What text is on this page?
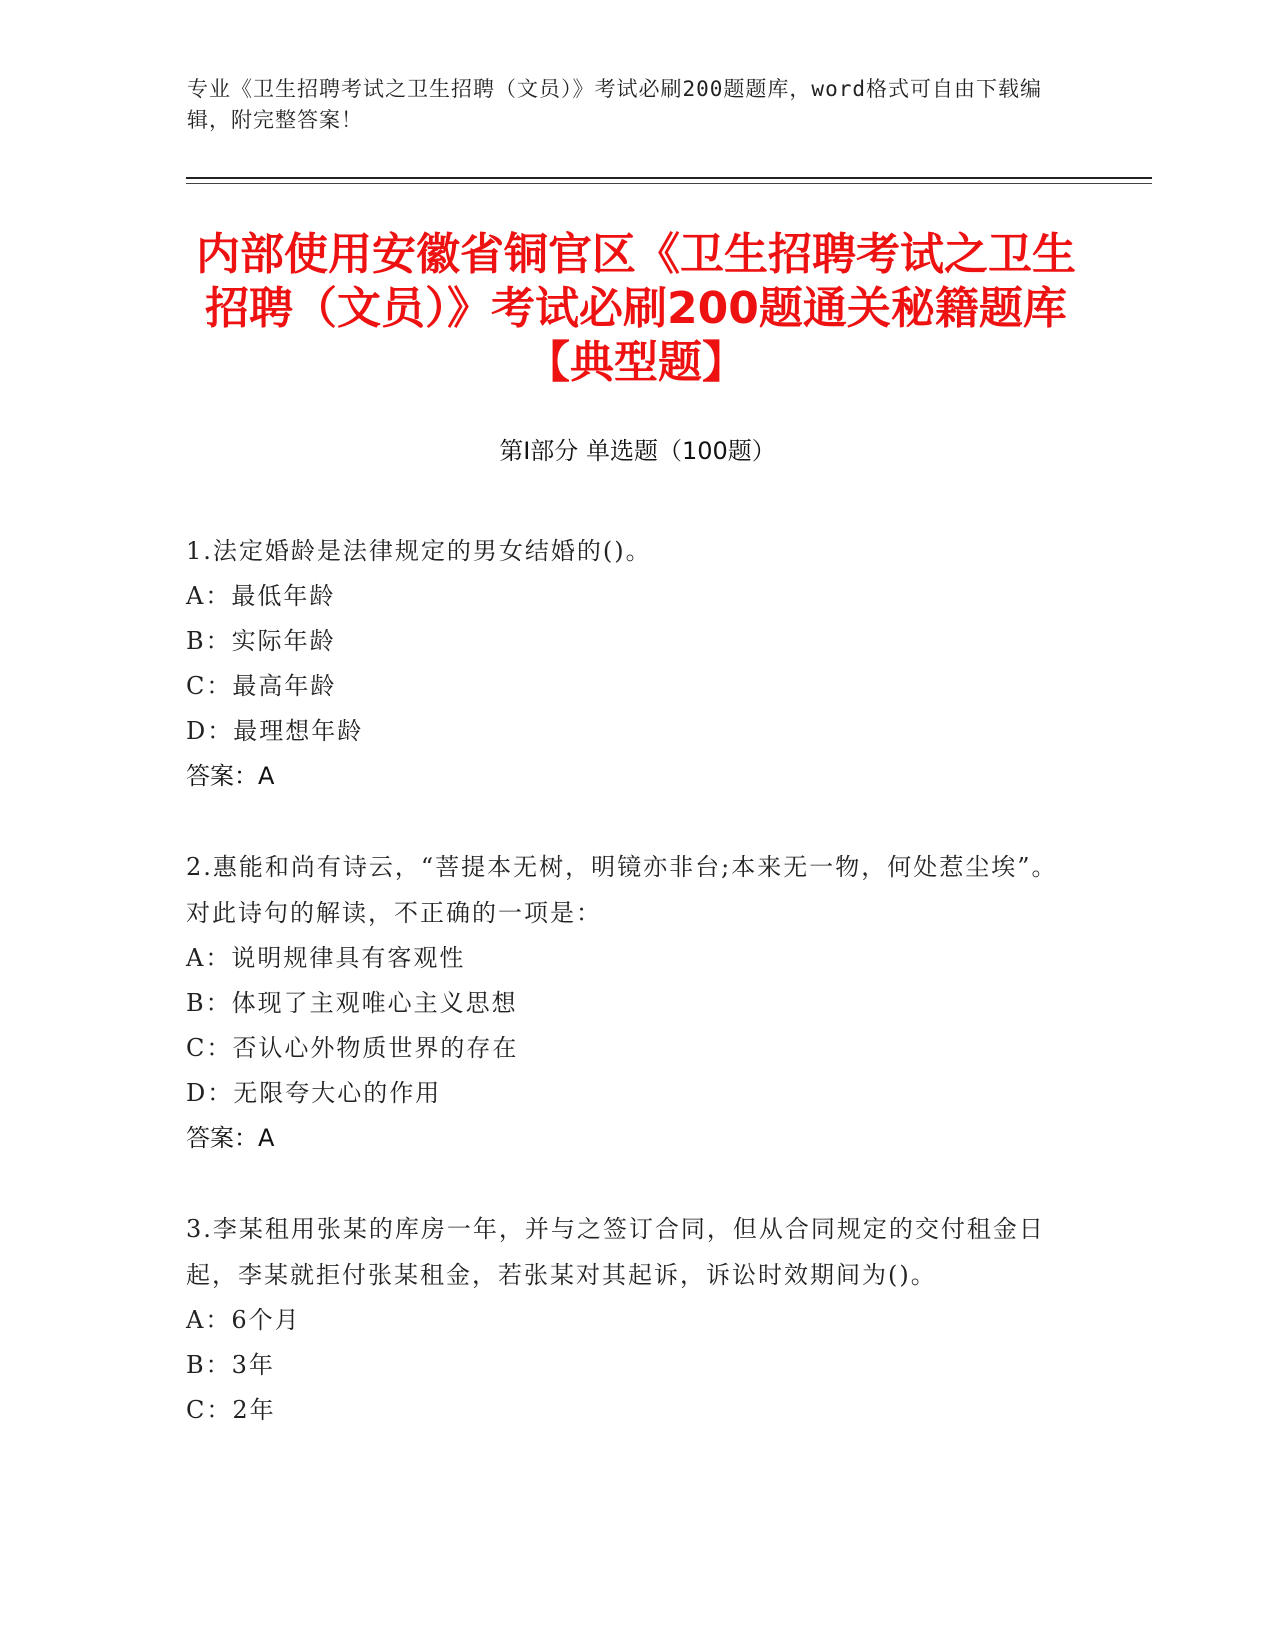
专业《卫生招聘考试之卫生招聘（文员）》考试必刷200题题库，word格式可自由下载编辑，附完整答案！
内部使用安徽省铜官区《卫生招聘考试之卫生招聘（文员）》考试必刷200题通关秘籍题库【典型题】
第Ⅰ部分 单选题（100题）
1.法定婚龄是法律规定的男女结婚的()。
A：最低年龄
B：实际年龄
C：最高年龄
D：最理想年龄
答案：A
2.惠能和尚有诗云，“菩提本无树，明镜亦非台;本来无一物，何处惹尘埃”。对此诗句的解读，不正确的一项是：
A：说明规律具有客观性
B：体现了主观唯心主义思想
C：否认心外物质世界的存在
D：无限夸大心的作用
答案：A
3.李某租用张某的库房一年，并与之签订合同，但从合同规定的交付租金日起，李某就拒付张某租金，若张某对其起诉，诉讼时效期间为()。
A：6个月
B：3年
C：2年
